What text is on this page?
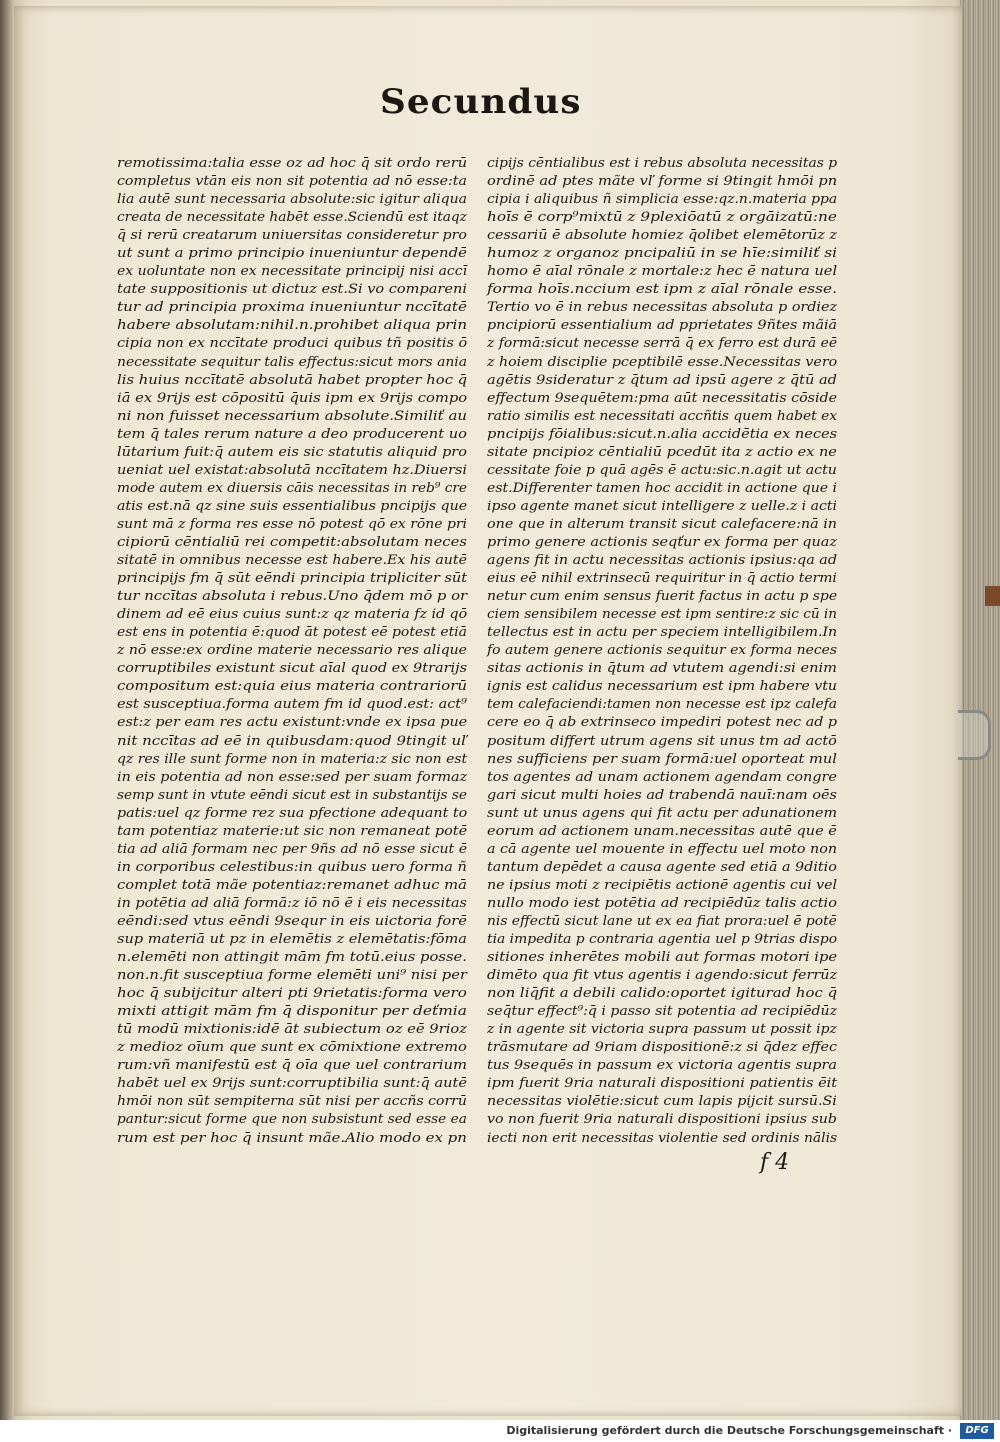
Secundus
remotissima:talia esse oz ad hoc q̄ sit ordo rerū
completus vtān eis non sit potentia ad nō esse:ta
lia autē sunt necessaria absolute:sic igitur aliqua
creata de necessitate habēt esse.Sciendū est itaqz
q̄ si rerū creatarum uniuersitas consideretur pro
ut sunt a primo principio inueniuntur dependē
ex uoluntate non ex necessitate principij nisi accī
tate suppositionis ut dictuz est.Si vo compareni
tur ad principia proxima inueniuntur nccītatē
habere absolutam:nihil.n.prohibet aliqua prin
cipia non ex nccītate produci quibus tñ positis ō
necessitate sequitur talis effectus:sicut mors ania
lis huius nccītatē absolutā habet propter hoc q̄
iā ex 9rijs est cōpositū q̄uis ipm ex 9rijs compo
ni non fuisset necessarium absolute.Similiť au
tem q̄ tales rerum nature a deo producerent uo
lūtarium fuit:q̄ autem eis sic statutis aliquid pro
ueniat uel existat:absolutā nccītatem hz.Diuersi
mode autem ex diuersis cāis necessitas in reb⁹ cre
atis est.nā qz sine suis essentialibus pncipijs que
sunt mā z forma res esse nō potest qō ex rōne pri
cipiorū cēntialiū rei competit:absolutam neces
sitatē in omnibus necesse est habere.Ex his autē
principijs fm q̄ sūt eēndi principia tripliciter sūt
tur nccītas absoluta i rebus.Uno q̄dem mō p or
dinem ad eē eius cuius sunt:z qz materia fz id qō
est ens in potentia ē:quod āt potest eē potest etiā
z nō esse:ex ordine materie necessario res alique
corruptibiles existunt sicut aīal quod ex 9trarijs
compositum est:quia eius materia contrariorū
est susceptiua.forma autem fm id quod.est: act⁹
est:z per eam res actu existunt:vnde ex ipsa pue
nit nccītas ad eē in quibusdam:quod 9tingit uľ
qz res ille sunt forme non in materia:z sic non est
in eis potentia ad non esse:sed per suam formaz
semp sunt in vtute eēndi sicut est in substantijs se
patis:uel qz forme rez sua pfectione adequant to
tam potentiaz materie:ut sic non remaneat potē
tia ad aliā formam nec per 9ñs ad nō esse sicut ē
in corporibus celestibus:in quibus uero forma ñ
complet totā mãe potentiaz:remanet adhuc mā
in potētia ad aliā formā:z iō nō ē i eis necessitas
eēndi:sed vtus eēndi 9sequr in eis uictoria forē
sup materiā ut pz in elemētis z elemētatis:fōma
n.elemēti non attingit mām fm totū.eius posse.
non.n.fit susceptiua forme elemēti uni⁹ nisi per
hoc q̄ subijcitur alteri pti 9rietatis:forma vero
mixti attigit mām fm q̄ disponitur per deťmia
tū modū mixtionis:idē āt subiectum oz eē 9rioz
z medioz oīum que sunt ex cōmixtione extremo
rum:vñ manifestū est q̄ oīa que uel contrarium
habēt uel ex 9rijs sunt:corruptibilia sunt:q̄ autē
hmōi non sūt sempiterna sūt nisi per accñs corrū
pantur:sicut forme que non subsistunt sed esse ea
rum est per hoc q̄ insunt mãe.Alio modo ex pn
cipijs cēntialibus est i rebus absoluta necessitas p
ordinē ad ptes mãte vľ forme si 9tingit hmōi pn
cipia i aliquibus ñ simplicia esse:qz.n.materia ppa
hoīs ē corp⁹mixtū z 9plexiōatū z orgāizatū:ne
cessariū ē absolute homiez q̄olibet elemētorūz z
humoz z organoz pncipaliū in se hīe:similiť si
homo ē aīal rōnale z mortale:z hec ē natura uel
forma hoīs.nccium est ipm z aīal rōnale esse.
Tertio vo ē in rebus necessitas absoluta p ordiez
pncipiorū essentialium ad pprietates 9ñtes mãiā
z formā:sicut necesse serrā q̄ ex ferro est durā eē
z hoiem disciplie pceptibilē esse.Necessitas vero
agētis 9sideratur z q̄tum ad ipsū agere z q̄tū ad
effectum 9sequētem:pma aūt necessitatis cōside
ratio similis est necessitati accñtis quem habet ex
pncipijs fōialibus:sicut.n.alia accidētia ex neces
sitate pncipioz cēntialiū pcedūt ita z actio ex ne
cessitate foie p quā agēs ē actu:sic.n.agit ut actu
est.Differenter tamen hoc accidit in actione que i
ipso agente manet sicut intelligere z uelle.z i acti
one que in alterum transit sicut calefacere:nā in
primo genere actionis seqťur ex forma per quaz
agens fit in actu necessitas actionis ipsius:qa ad
eius eē nihil extrinsecū requiritur in q̄ actio termi
netur cum enim sensus fuerit factus in actu p spe
ciem sensibilem necesse est ipm sentire:z sic cū in
tellectus est in actu per speciem intelligibilem.In
fo autem genere actionis sequitur ex forma neces
sitas actionis in q̄tum ad vtutem agendi:si enim
ignis est calidus necessarium est ipm habere vtu
tem calefaciendi:tamen non necesse est ipz calefa
cere eo q̄ ab extrinseco impediri potest nec ad p
positum differt utrum agens sit unus tm ad actō
nes sufficiens per suam formā:uel oporteat mul
tos agentes ad unam actionem agendam congre
gari sicut multi hoies ad trabendā nauī:nam oēs
sunt ut unus agens qui fit actu per adunationem
eorum ad actionem unam.necessitas autē que ē
a cā agente uel mouente in effectu uel moto non
tantum depēdet a causa agente sed etiā a 9ditio
ne ipsius moti z recipiētis actionē agentis cui vel
nullo modo iest potētia ad recipiēdūz talis actio
nis effectū sicut lane ut ex ea fiat prora:uel ē potē
tia impedita p contraria agentia uel p 9trias dispo
sitiones inherētes mobili aut formas motori ipe
dimēto qua fit vtus agentis i agendo:sicut ferrūz
non liq̄fit a debili calido:oportet igiturad hoc q̄
seq̄tur effect⁹:q̄ i passo sit potentia ad recipiēdūz
z in agente sit victoria supra passum ut possit ipz
trāsmutare ad 9riam dispositionē:z si q̄dez effec
tus 9sequēs in passum ex victoria agentis supra
ipm fuerit 9ria naturali dispositioni patientis ēit
necessitas violētie:sicut cum lapis pijcit sursū.Si
vo non fuerit 9ria naturali dispositioni ipsius sub
iecti non erit necessitas violentie sed ordinis nālis
f 4
Digitalisierung gefördert durch die Deutsche Forschungsgemeinschaft ·	DFG
